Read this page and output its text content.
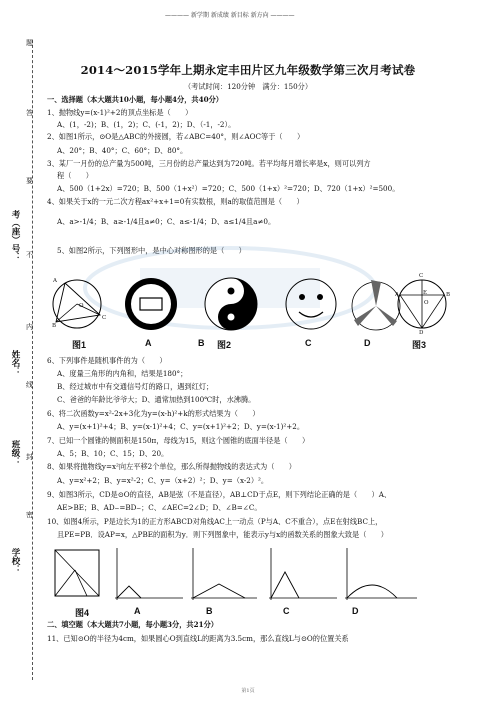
———— 新学期 新成绩 新目标 新方向 ————
学校：
班级：
姓名：
考（座）号：
题
答
要
不
内
线
封
密
2014～2015学年上期永定丰田片区九年级数学第三次月考试卷
（考试时间：120分钟　满分：150分）
一、选择题（本大题共10小题，每小题4分，共40分）
1、抛物线y=(x-1)²+2的顶点坐标是（　　）
A、(1，-2)；B、(1，2)；C、(-1，2)；D、（-1，-2）。
2、如图1所示，⊙O是△ABC的外接圆，若∠ABC=40°，则∠AOC等于（　　）
A、20°；B、40°；C、60°；D、80°。
3、某厂一月份的总产量为500吨，三月份的总产量达到为720吨。若平均每月增长率是x，则可以列方
程（　　）
A、500（1+2x）=720；B、500（1+x²）=720；C、500（1+x）²=720；D、720（1+x）²=500。
4、如果关于x的一元二次方程ax²+x+1=0有实数根，则a的取值范围是（　　）
A、a>-1/4；B、a≥-1/4且a≠0；C、a≤-1/4；D、a≤1/4且a≠0。
5、如图2所示，下列图形中，是中心对称图形的是（　　）
A
B
C
O
A	B
C
D
E
O
图1	A	B 图2	C	D	图3
6、下列事件是随机事件的为（　　）
A、度量三角形的内角和，结果是180°；
B、经过城市中有交通信号灯的路口，遇到红灯；
C、爸爸的年龄比爷爷大；D、通常加热到100℃时，水沸腾。
6、将二次函数y=x²-2x+3化为y=(x-h)²+k的形式结果为（　　）
A、y=(x+1)²+4；B、y=(x-1)²+4；C、y=(x+1)²+2；D、y=(x-1)²+2。
7、已知一个圆锥的侧面积是150π，母线为15，则这个圆锥的底面半径是（　　）
A、5；B、10；C、15；D、20。
8、如果将抛物线y=x²向左平移2个单位，那么所得抛物线的表达式为（　　）
A、y=x²+2；B、y=x²-2；C、y=（x+2）²；D、y=（x-2）²。
9、如图3所示，CD是⊙O的直径，AB是弦（不是直径），AB⊥CD于点E，则下列结论正确的是（　　）A、
AE>BE；B、AD⌢=BD⌢；C、∠AEC=2∠D；D、∠B=∠C。
10、如图4所示，P是边长为1的正方形ABCD对角线AC上一动点（P与A、C不重合），点E在射线BC上，
且PE=PB．设AP=x，△PBE的面积为y．则下列图象中，能表示y与x的函数关系的图象大致是（　　）
图4	A	B	C	D
二、填空题（本大题共7小题，每小题3分，共21分）
11、已知⊙O的半径为4cm，如果圆心O到直线L的距离为3.5cm，那么直线L与⊙O的位置关系
第1页
